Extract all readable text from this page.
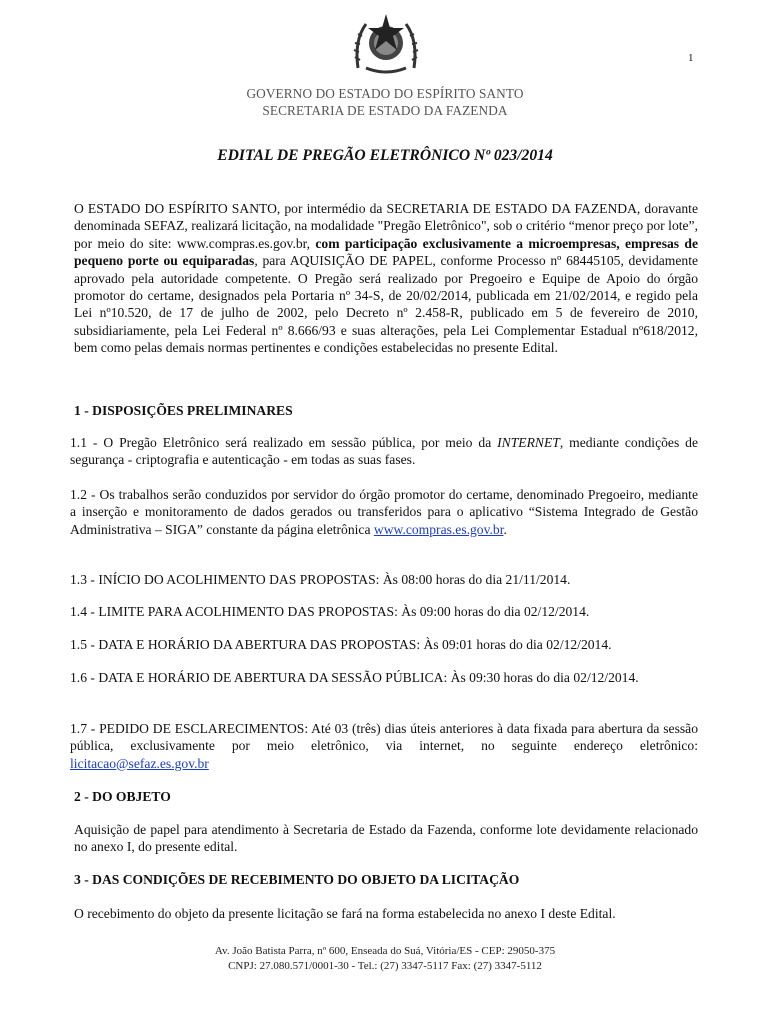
1
GOVERNO DO ESTADO DO ESPÍRITO SANTO
SECRETARIA DE ESTADO DA FAZENDA
EDITAL DE PREGÃO ELETRÔNICO Nº 023/2014
O ESTADO DO ESPÍRITO SANTO, por intermédio da SECRETARIA DE ESTADO DA FAZENDA, doravante denominada SEFAZ, realizará licitação, na modalidade "Pregão Eletrônico", sob o critério “menor preço por lote”, por meio do site: www.compras.es.gov.br, com participação exclusivamente a microempresas, empresas de pequeno porte ou equiparadas, para AQUISIÇÃO DE PAPEL, conforme Processo nº 68445105, devidamente aprovado pela autoridade competente. O Pregão será realizado por Pregoeiro e Equipe de Apoio do órgão promotor do certame, designados pela Portaria nº 34-S, de 20/02/2014, publicada em 21/02/2014, e regido pela Lei nº10.520, de 17 de julho de 2002, pelo Decreto nº 2.458-R, publicado em 5 de fevereiro de 2010, subsidiariamente, pela Lei Federal nº 8.666/93 e suas alterações, pela Lei Complementar Estadual nº618/2012, bem como pelas demais normas pertinentes e condições estabelecidas no presente Edital.
1 - DISPOSIÇÕES PRELIMINARES
1.1 - O Pregão Eletrônico será realizado em sessão pública, por meio da INTERNET, mediante condições de segurança - criptografia e autenticação - em todas as suas fases.
1.2 - Os trabalhos serão conduzidos por servidor do órgão promotor do certame, denominado Pregoeiro, mediante a inserção e monitoramento de dados gerados ou transferidos para o aplicativo “Sistema Integrado de Gestão Administrativa – SIGA” constante da página eletrônica www.compras.es.gov.br.
1.3 - INÍCIO DO ACOLHIMENTO DAS PROPOSTAS: Às 08:00 horas do dia 21/11/2014.
1.4 - LIMITE PARA ACOLHIMENTO DAS PROPOSTAS: Às 09:00 horas do dia 02/12/2014.
1.5 - DATA E HORÁRIO DA ABERTURA DAS PROPOSTAS: Às 09:01 horas do dia 02/12/2014.
1.6 - DATA E HORÁRIO DE ABERTURA DA SESSÃO PÚBLICA: Às 09:30 horas do dia 02/12/2014.
1.7 - PEDIDO DE ESCLARECIMENTOS: Até 03 (três) dias úteis anteriores à data fixada para abertura da sessão pública, exclusivamente por meio eletrônico, via internet, no seguinte endereço eletrônico: licitacao@sefaz.es.gov.br
2 - DO OBJETO
Aquisição de papel para atendimento à Secretaria de Estado da Fazenda, conforme lote devidamente relacionado no anexo I, do presente edital.
3 - DAS CONDIÇÕES DE RECEBIMENTO DO OBJETO DA LICITAÇÃO
O recebimento do objeto da presente licitação se fará na forma estabelecida no anexo I deste Edital.
Av. João Batista Parra, nº 600, Enseada do Suá, Vitória/ES - CEP: 29050-375
CNPJ: 27.080.571/0001-30 - Tel.: (27) 3347-5117 Fax: (27) 3347-5112
